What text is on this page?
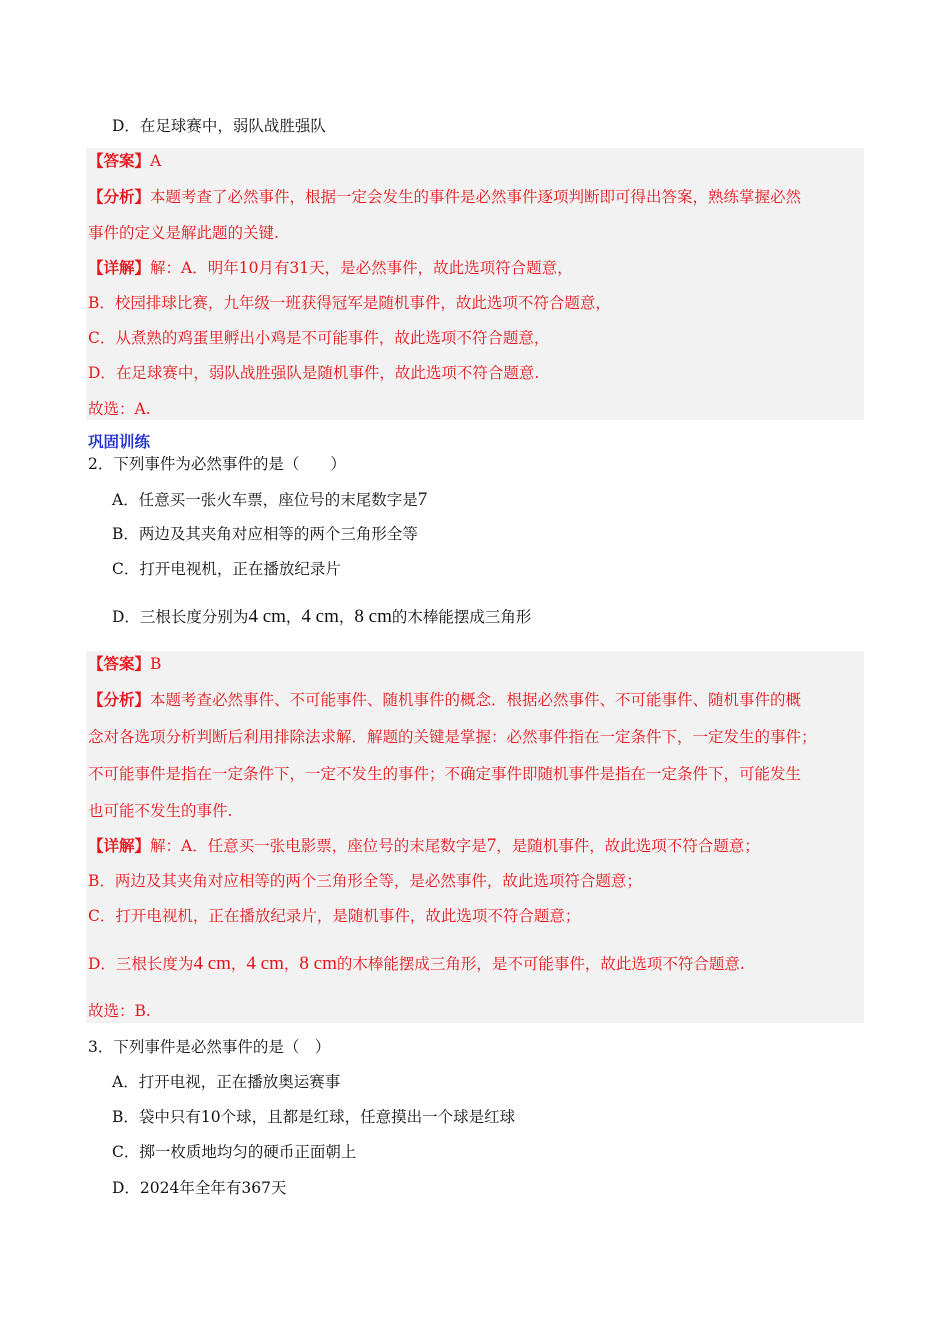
D．在足球赛中，弱队战胜强队
【答案】A
【分析】本题考查了必然事件，根据一定会发生的事件是必然事件逐项判断即可得出答案，熟练掌握必然
事件的定义是解此题的关键.
【详解】解：A．明年10月有31天，是必然事件，故此选项符合题意，
B．校园排球比赛，九年级一班获得冠军是随机事件，故此选项不符合题意，
C．从煮熟的鸡蛋里孵出小鸡是不可能事件，故此选项不符合题意，
D．在足球赛中，弱队战胜强队是随机事件，故此选项不符合题意.
故选：A.
巩固训练
2．下列事件为必然事件的是（　　）
A．任意买一张火车票，座位号的末尾数字是7
B．两边及其夹角对应相等的两个三角形全等
C．打开电视机，正在播放纪录片
D．三根长度分别为4 cm，4 cm，8 cm的木棒能摆成三角形
【答案】B
【分析】本题考查必然事件、不可能事件、随机事件的概念．根据必然事件、不可能事件、随机事件的概
念对各选项分析判断后利用排除法求解．解题的关键是掌握：必然事件指在一定条件下，一定发生的事件；
不可能事件是指在一定条件下，一定不发生的事件；不确定事件即随机事件是指在一定条件下，可能发生
也可能不发生的事件.
【详解】解：A．任意买一张电影票，座位号的末尾数字是7，是随机事件，故此选项不符合题意；
B．两边及其夹角对应相等的两个三角形全等，是必然事件，故此选项符合题意；
C．打开电视机，正在播放纪录片，是随机事件，故此选项不符合题意；
D．三根长度为4 cm，4 cm，8 cm的木棒能摆成三角形，是不可能事件，故此选项不符合题意.
故选：B.
3．下列事件是必然事件的是（　）
A．打开电视，正在播放奥运赛事
B．袋中只有10个球，且都是红球，任意摸出一个球是红球
C．掷一枚质地均匀的硬币正面朝上
D．2024年全年有367天
